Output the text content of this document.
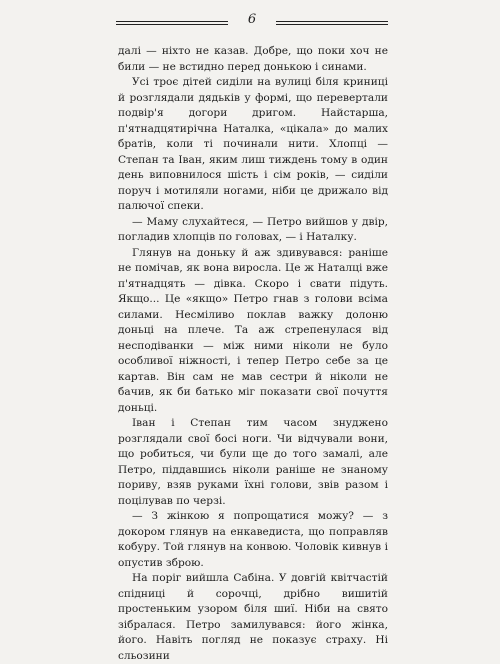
6

далі — ніхто не казав. Добре, що поки хоч не били — не встидно перед донькою і синами.

Усі троє дітей сиділи на вулиці біля криниці й розглядали дядьків у формі, що перевертали подвір'я догори дригом. Найстарша, п'ятнадцятирічна Наталка, «цікала» до малих братів, коли ті починали нити. Хлопці — Степан та Іван, яким лиш тиждень тому в один день виповнилося шість і сім років, — сиділи поруч і мотиляли ногами, ніби це дрижало від палючої спеки.

— Маму слухайтеся, — Петро вийшов у двір, погладив хлопців по головах, — і Наталку.

Глянув на доньку й аж здивувався: раніше не помічав, як вона виросла. Це ж Наталці вже п'ятнадцять — дівка. Скоро і свати підуть. Якщо... Це «якщо» Петро гнав з голови всіма силами. Несміливо поклав важку долоню доньці на плече. Та аж стрепенулася від несподіванки — між ними ніколи не було особливої ніжності, і тепер Петро себе за це картав. Він сам не мав сестри й ніколи не бачив, як би батько міг показати свої почуття доньці.

Іван і Степан тим часом знуджено розглядали свої босі ноги. Чи відчували вони, що робиться, чи були ще до того замалі, але Петро, піддавшись ніколи раніше не знаному пориву, взяв руками їхні голови, звів разом і поцілував по черзі.

— З жінкою я попрощатися можу? — з докором глянув на енкаведиста, що поправляв кобуру. Той глянув на конвою. Чоловік кивнув і опустив зброю.

На поріг вийшла Сабіна. У довгій квітчастій спідниці й сорочці, дрібно вишитій простеньким узором біля шиї. Ніби на свято зібралася. Петро замилувався: його жінка, його. Навіть погляд не показує страху. Ні сльозини
